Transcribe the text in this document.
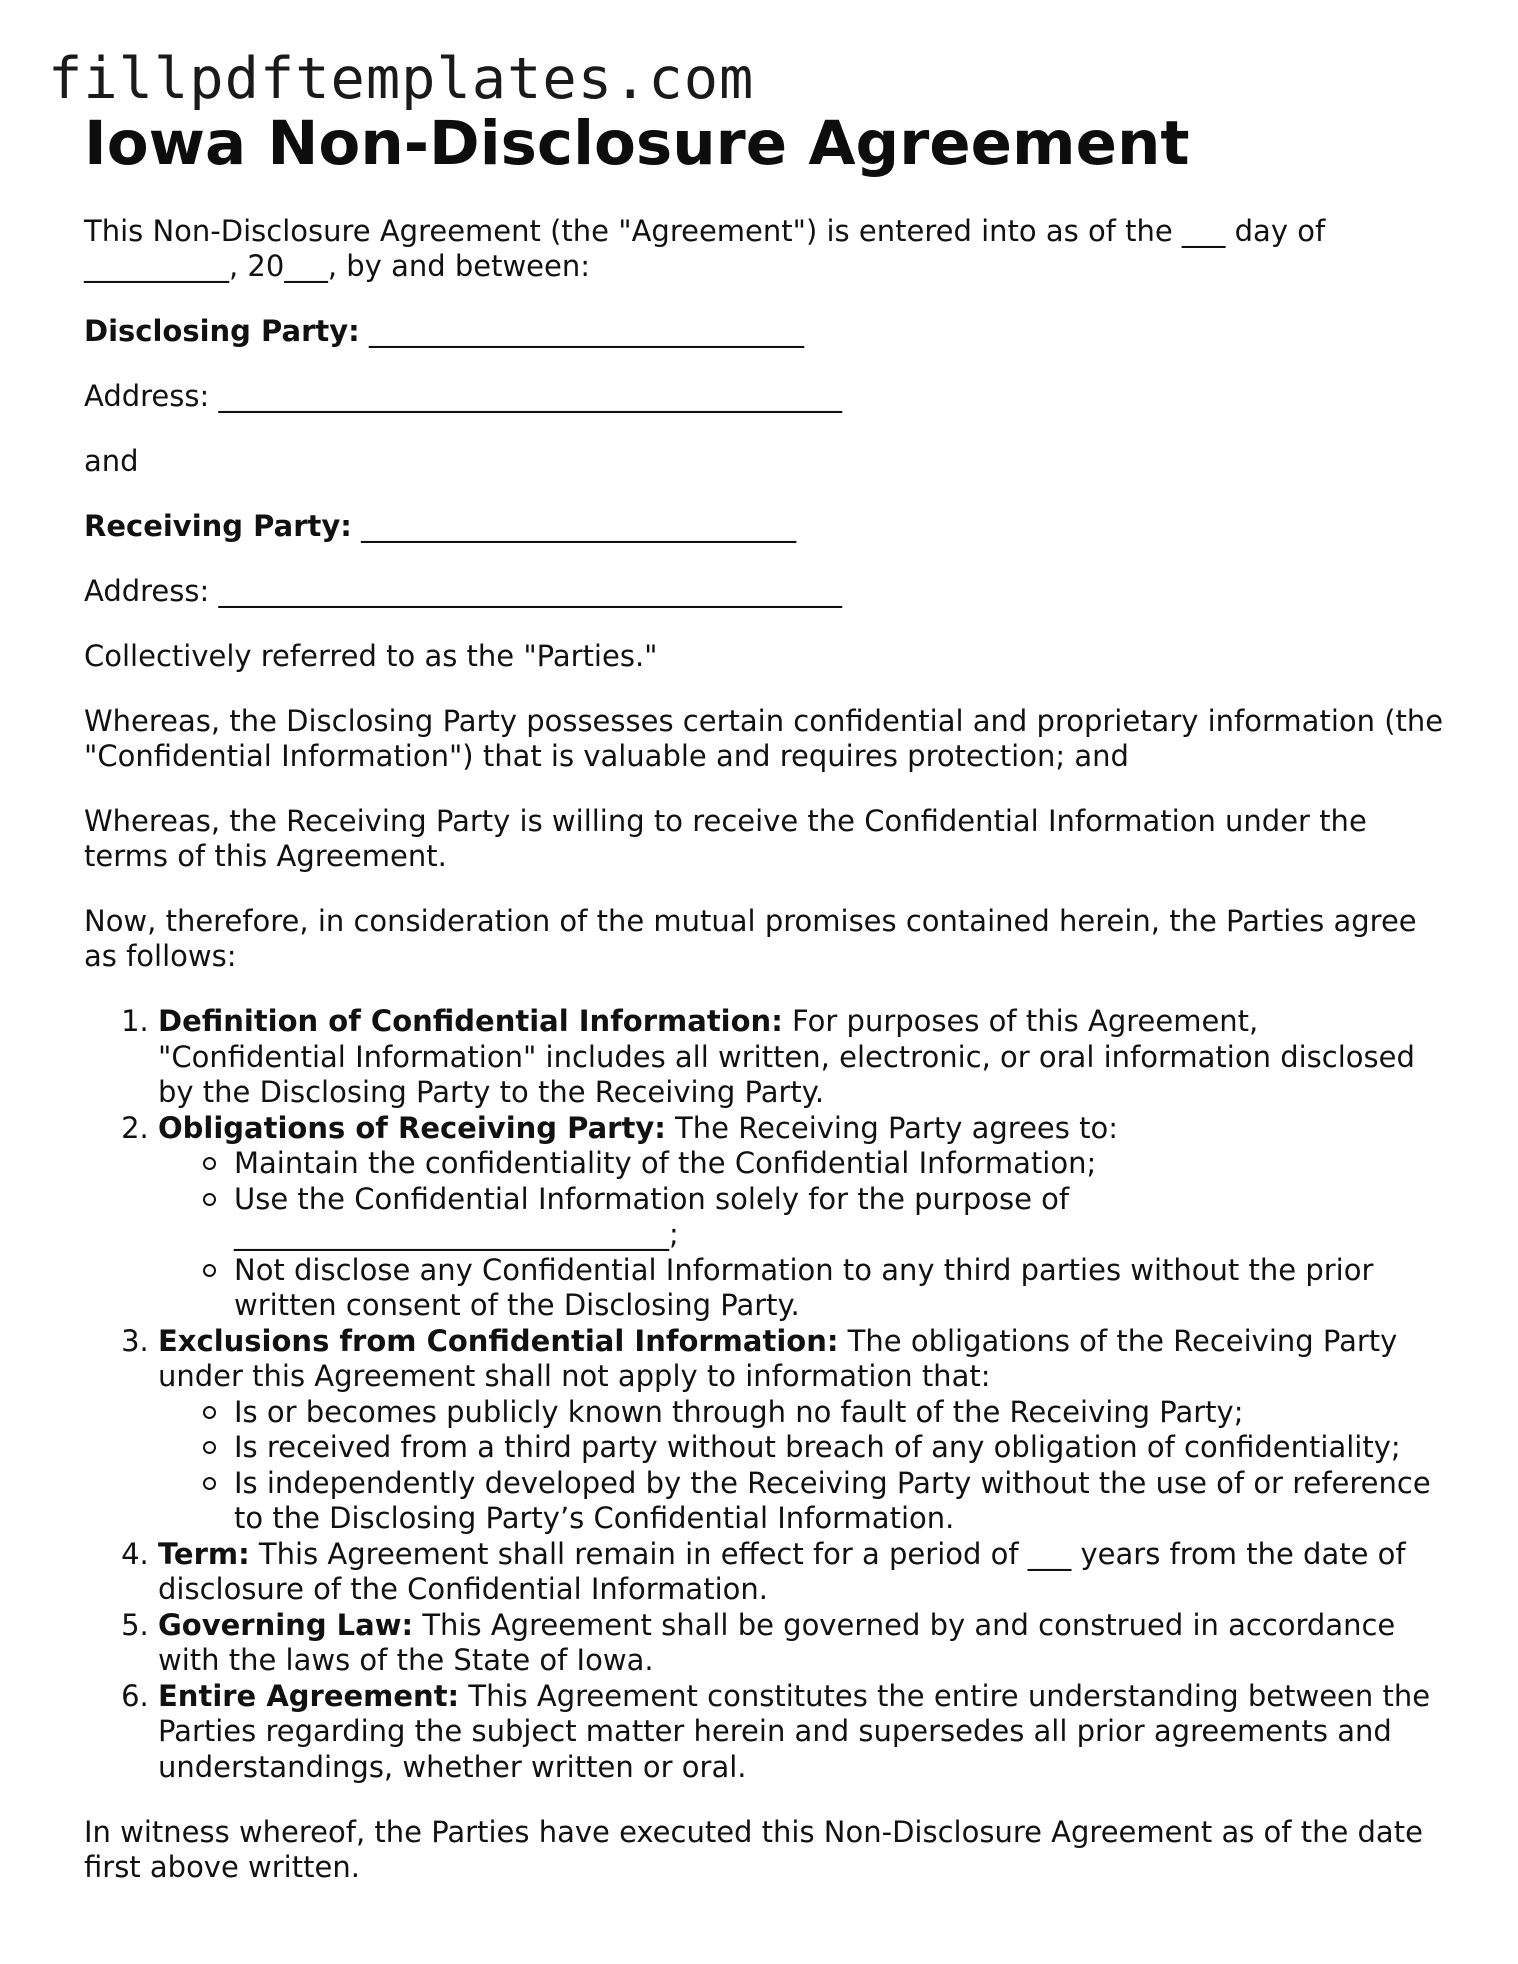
fillpdftemplates.com
Iowa Non-Disclosure Agreement

This Non-Disclosure Agreement (the "Agreement") is entered into as of the ___ day of __________, 20___, by and between:

Disclosing Party: ______________________________

Address: ___________________________________________

and

Receiving Party: ______________________________

Address: ___________________________________________

Collectively referred to as the "Parties."

Whereas, the Disclosing Party possesses certain confidential and proprietary information (the "Confidential Information") that is valuable and requires protection; and

Whereas, the Receiving Party is willing to receive the Confidential Information under the terms of this Agreement.

Now, therefore, in consideration of the mutual promises contained herein, the Parties agree as follows:

1. Definition of Confidential Information: For purposes of this Agreement, "Confidential Information" includes all written, electronic, or oral information disclosed by the Disclosing Party to the Receiving Party.
2. Obligations of Receiving Party: The Receiving Party agrees to:
Maintain the confidentiality of the Confidential Information;
Use the Confidential Information solely for the purpose of ______________________________;
Not disclose any Confidential Information to any third parties without the prior written consent of the Disclosing Party.
3. Exclusions from Confidential Information: The obligations of the Receiving Party under this Agreement shall not apply to information that:
Is or becomes publicly known through no fault of the Receiving Party;
Is received from a third party without breach of any obligation of confidentiality;
Is independently developed by the Receiving Party without the use of or reference to the Disclosing Party’s Confidential Information.
4. Term: This Agreement shall remain in effect for a period of ___ years from the date of disclosure of the Confidential Information.
5. Governing Law: This Agreement shall be governed by and construed in accordance with the laws of the State of Iowa.
6. Entire Agreement: This Agreement constitutes the entire understanding between the Parties regarding the subject matter herein and supersedes all prior agreements and understandings, whether written or oral.

In witness whereof, the Parties have executed this Non-Disclosure Agreement as of the date first above written.
